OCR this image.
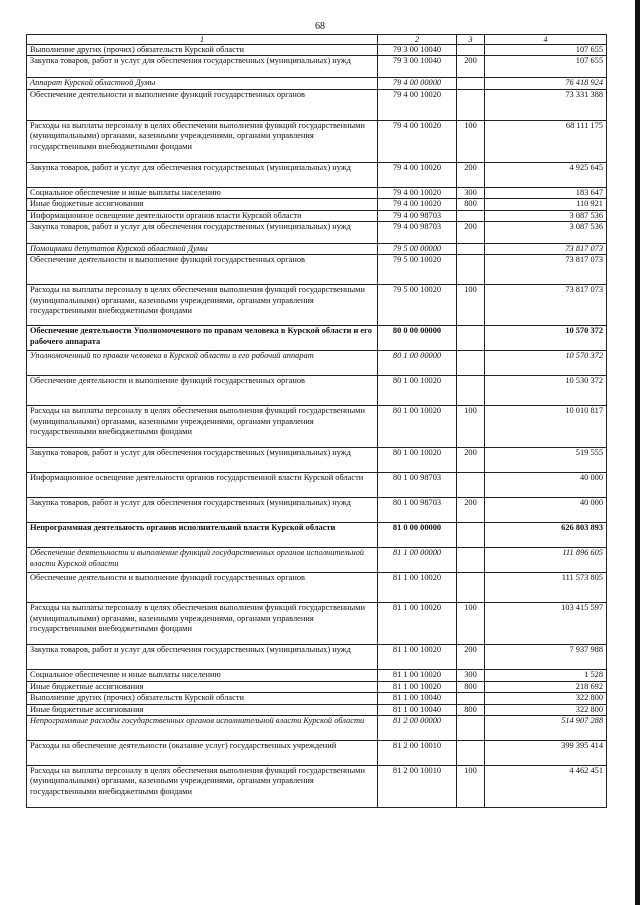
68
1	2	3	4
Выполнение других (прочих) обязательств Курской области	79 3 00 10040		107 655
Закупка товаров, работ и услуг для обеспечения государственных (муниципальных) нужд	79 3 00 10040	200	107 655
Аппарат Курской областной Думы	79 4 00 00000		76 418 924
Обеспечение деятельности и выполнение функций государственных органов	79 4 00 10020		73 331 388
Расходы на выплаты персоналу в целях обеспечения выполнения функций государственными (муниципальными) органами, казенными учреждениями, органами управления государственными внебюджетными фондами	79 4 00 10020	100	68 111 175
Закупка товаров, работ и услуг для обеспечения государственных (муниципальных) нужд	79 4 00 10020	200	4 925 645
Социальное обеспечение и иные выплаты населению	79 4 00 10020	300	183 647
Иные бюджетные ассигнования	79 4 00 10020	800	110 921
Информационное освещение деятельности органов власти Курской области	79 4 00 98703		3 087 536
Закупка товаров, работ и услуг для обеспечения государственных (муниципальных) нужд	79 4 00 98703	200	3 087 536
Помощники депутатов Курской областной Думы	79 5 00 00000		73 817 073
Обеспечение деятельности и выполнение функций государственных органов	79 5 00 10020		73 817 073
Расходы на выплаты персоналу в целях обеспечения выполнения функций государственными (муниципальными) органами, казенными учреждениями, органами управления государственными внебюджетными фондами	79 5 00 10020	100	73 817 073
Обеспечение деятельности Уполномоченного по правам человека в Курской области и его рабочего аппарата	80 0 00 00000		10 570 372
Уполномоченный по правам человека в Курской области и его рабочий аппарат	80 1 00 00000		10 570 372
Обеспечение деятельности и выполнение функций государственных органов	80 1 00 10020		10 530 372
Расходы на выплаты персоналу в целях обеспечения выполнения функций государственными (муниципальными) органами, казенными учреждениями, органами управления государственными внебюджетными фондами	80 1 00 10020	100	10 010 817
Закупка товаров, работ и услуг для обеспечения государственных (муниципальных) нужд	80 1 00 10020	200	519 555
Информационное освещение деятельности органов государственной власти Курской области	80 1 00 98703		40 000
Закупка товаров, работ и услуг для обеспечения государственных (муниципальных) нужд	80 1 00 98703	200	40 000
Непрограммная деятельность органов исполнительной власти Курской области	81 0 00 00000		626 803 893
Обеспечение деятельности и выполнение функций государственных органов исполнительной власти Курской области	81 1 00 00000		111 896 605
Обеспечение деятельности и выполнение функций государственных органов	81 1 00 10020		111 573 805
Расходы на выплаты персоналу в целях обеспечения выполнения функций государственными (муниципальными) органами, казенными учреждениями, органами управления государственными внебюджетными фондами	81 1 00 10020	100	103 415 597
Закупка товаров, работ и услуг для обеспечения государственных (муниципальных) нужд	81 1 00 10020	200	7 937 988
Социальное обеспечение и иные выплаты населению	81 1 00 10020	300	1 528
Иные бюджетные ассигнования	81 1 00 10020	800	218 692
Выполнение других (прочих) обязательств Курской области	81 1 00 10040		322 800
Иные бюджетные ассигнования	81 1 00 10040	800	322 800
Непрограммные расходы государственных органов исполнительной власти Курской области	81 2 00 00000		514 907 288
Расходы на обеспечение деятельности (оказание услуг) государственных учреждений	81 2 00 10010		399 395 414
Расходы на выплаты персоналу в целях обеспечения выполнения функций государственными (муниципальными) органами, казенными учреждениями, органами управления государственными внебюджетными фондами	81 2 00 10010	100	4 462 451
